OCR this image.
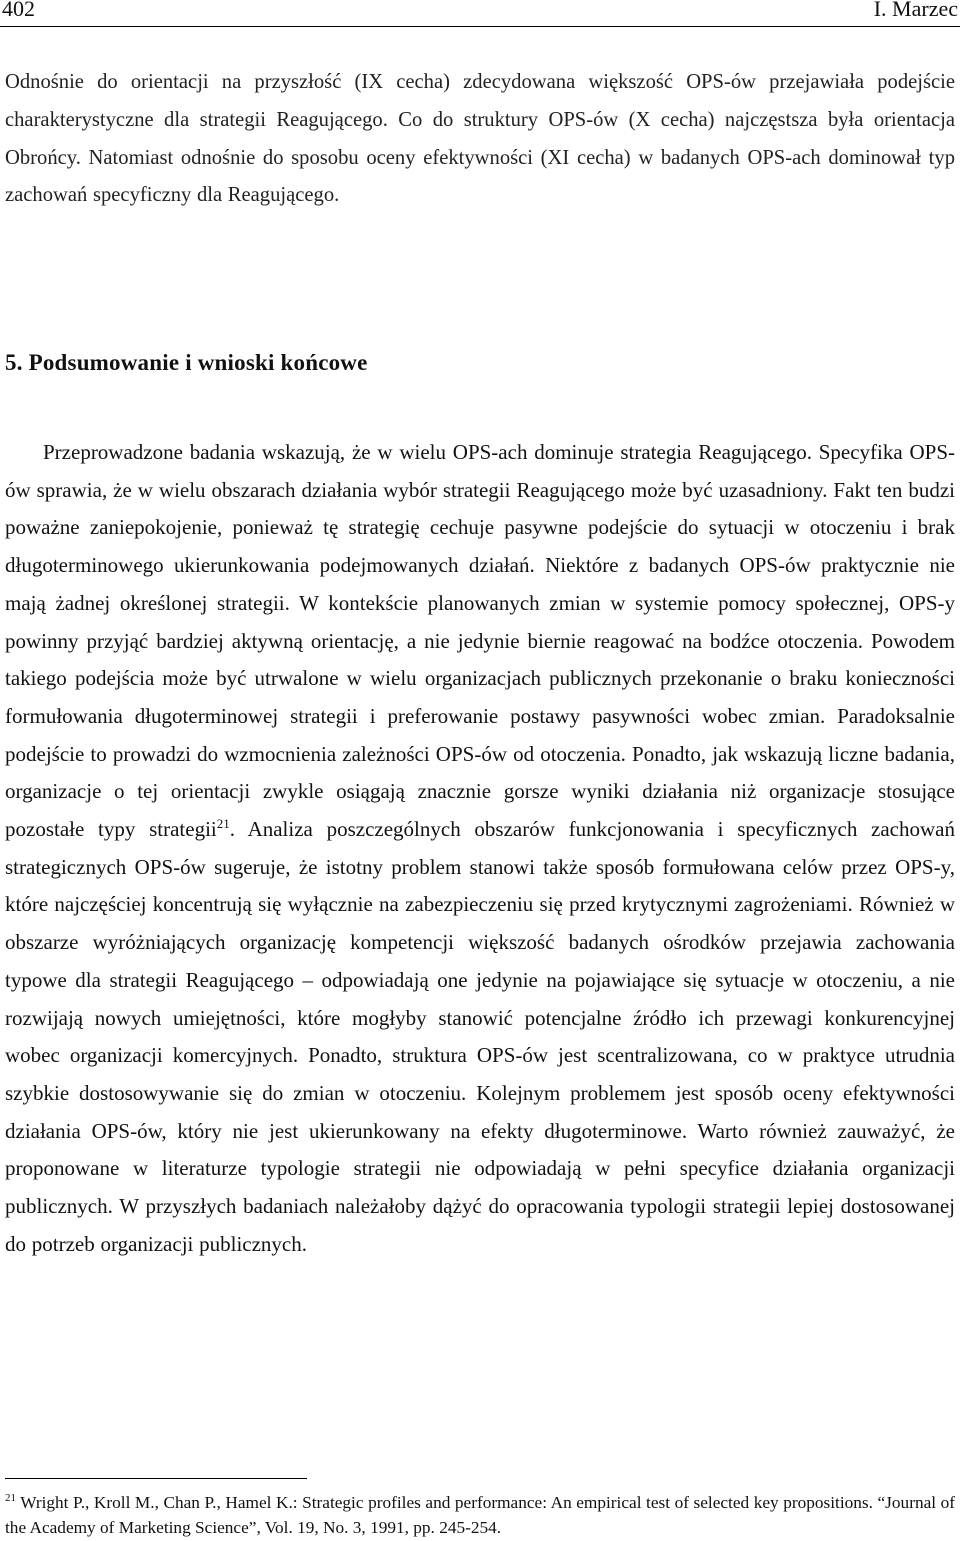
402	I. Marzec

Odnośnie do orientacji na przyszłość (IX cecha) zdecydowana większość OPS-ów przejawiała podejście charakterystyczne dla strategii Reagującego. Co do struktury OPS-ów (X cecha) najczęstsza była orientacja Obrońcy. Natomiast odnośnie do sposobu oceny efektywności (XI cecha) w badanych OPS-ach dominował typ zachowań specyficzny dla Reagującego.

5. Podsumowanie i wnioski końcowe

Przeprowadzone badania wskazują, że w wielu OPS-ach dominuje strategia Reagującego. Specyfika OPS-ów sprawia, że w wielu obszarach działania wybór strategii Reagującego może być uzasadniony. Fakt ten budzi poważne zaniepokojenie, ponieważ tę strategię cechuje pasywne podejście do sytuacji w otoczeniu i brak długoterminowego ukierunkowania podejmowanych działań. Niektóre z badanych OPS-ów praktycznie nie mają żadnej określonej strategii. W kontekście planowanych zmian w systemie pomocy społecznej, OPS-y powinny przyjąć bardziej aktywną orientację, a nie jedynie biernie reagować na bodźce otoczenia. Powodem takiego podejścia może być utrwalone w wielu organizacjach publicznych przekonanie o braku konieczności formułowania długoterminowej strategii i preferowanie postawy pasywności wobec zmian. Paradoksalnie podejście to prowadzi do wzmocnienia zależności OPS-ów od otoczenia. Ponadto, jak wskazują liczne badania, organizacje o tej orientacji zwykle osiągają znacznie gorsze wyniki działania niż organizacje stosujące pozostałe typy strategii$^{21}$. Analiza poszczególnych obszarów funkcjonowania i specyficznych zachowań strategicznych OPS-ów sugeruje, że istotny problem stanowi także sposób formułowana celów przez OPS-y, które najczęściej koncentrują się wyłącznie na zabezpieczeniu się przed krytycznymi zagrożeniami. Również w obszarze wyróżniających organizację kompetencji większość badanych ośrodków przejawia zachowania typowe dla strategii Reagującego – odpowiadają one jedynie na pojawiające się sytuacje w otoczeniu, a nie rozwijają nowych umiejętności, które mogłyby stanowić potencjalne źródło ich przewagi konkurencyjnej wobec organizacji komercyjnych. Ponadto, struktura OPS-ów jest scentralizowana, co w praktyce utrudnia szybkie dostosowywanie się do zmian w otoczeniu. Kolejnym problemem jest sposób oceny efektywności działania OPS-ów, który nie jest ukierunkowany na efekty długoterminowe. Warto również zauważyć, że proponowane w literaturze typologie strategii nie odpowiadają w pełni specyfice działania organizacji publicznych. W przyszłych badaniach należałoby dążyć do opracowania typologii strategii lepiej dostosowanej do potrzeb organizacji publicznych.

$^{21}$ Wright P., Kroll M., Chan P., Hamel K.: Strategic profiles and performance: An empirical test of selected key propositions. “Journal of the Academy of Marketing Science”, Vol. 19, No. 3, 1991, pp. 245-254.
